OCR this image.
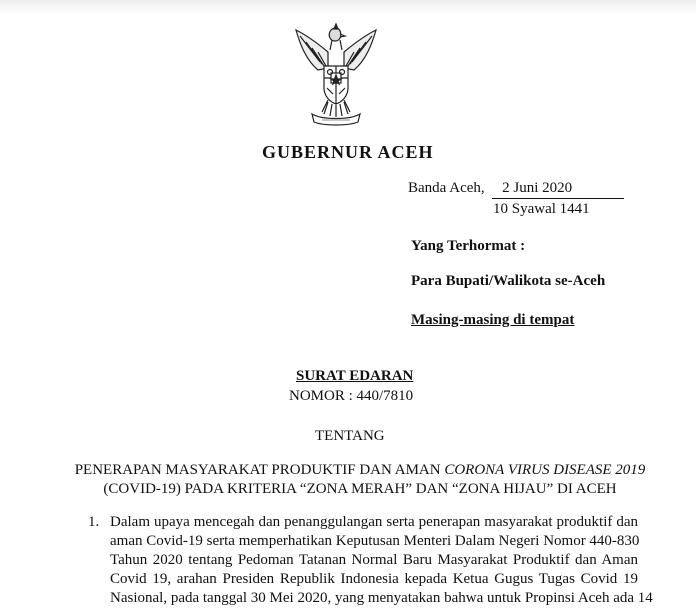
GUBERNUR ACEH
Banda Aceh, 2 Juni 2020
10 Syawal 1441
Yang Terhormat :
Para Bupati/Walikota se-Aceh
Masing-masing di tempat
SURAT EDARAN
NOMOR : 440/7810
TENTANG
PENERAPAN MASYARAKAT PRODUKTIF DAN AMAN CORONA VIRUS DISEASE 2019
(COVID-19) PADA KRITERIA “ZONA MERAH” DAN “ZONA HIJAU” DI ACEH
1. Dalam upaya mencegah dan penanggulangan serta penerapan masyarakat produktif dan
aman Covid-19 serta memperhatikan Keputusan Menteri Dalam Negeri Nomor 440-830
Tahun 2020 tentang Pedoman Tatanan Normal Baru Masyarakat Produktif dan Aman
Covid 19, arahan Presiden Republik Indonesia kepada Ketua Gugus Tugas Covid 19
Nasional, pada tanggal 30 Mei 2020, yang menyatakan bahwa untuk Propinsi Aceh ada 14
